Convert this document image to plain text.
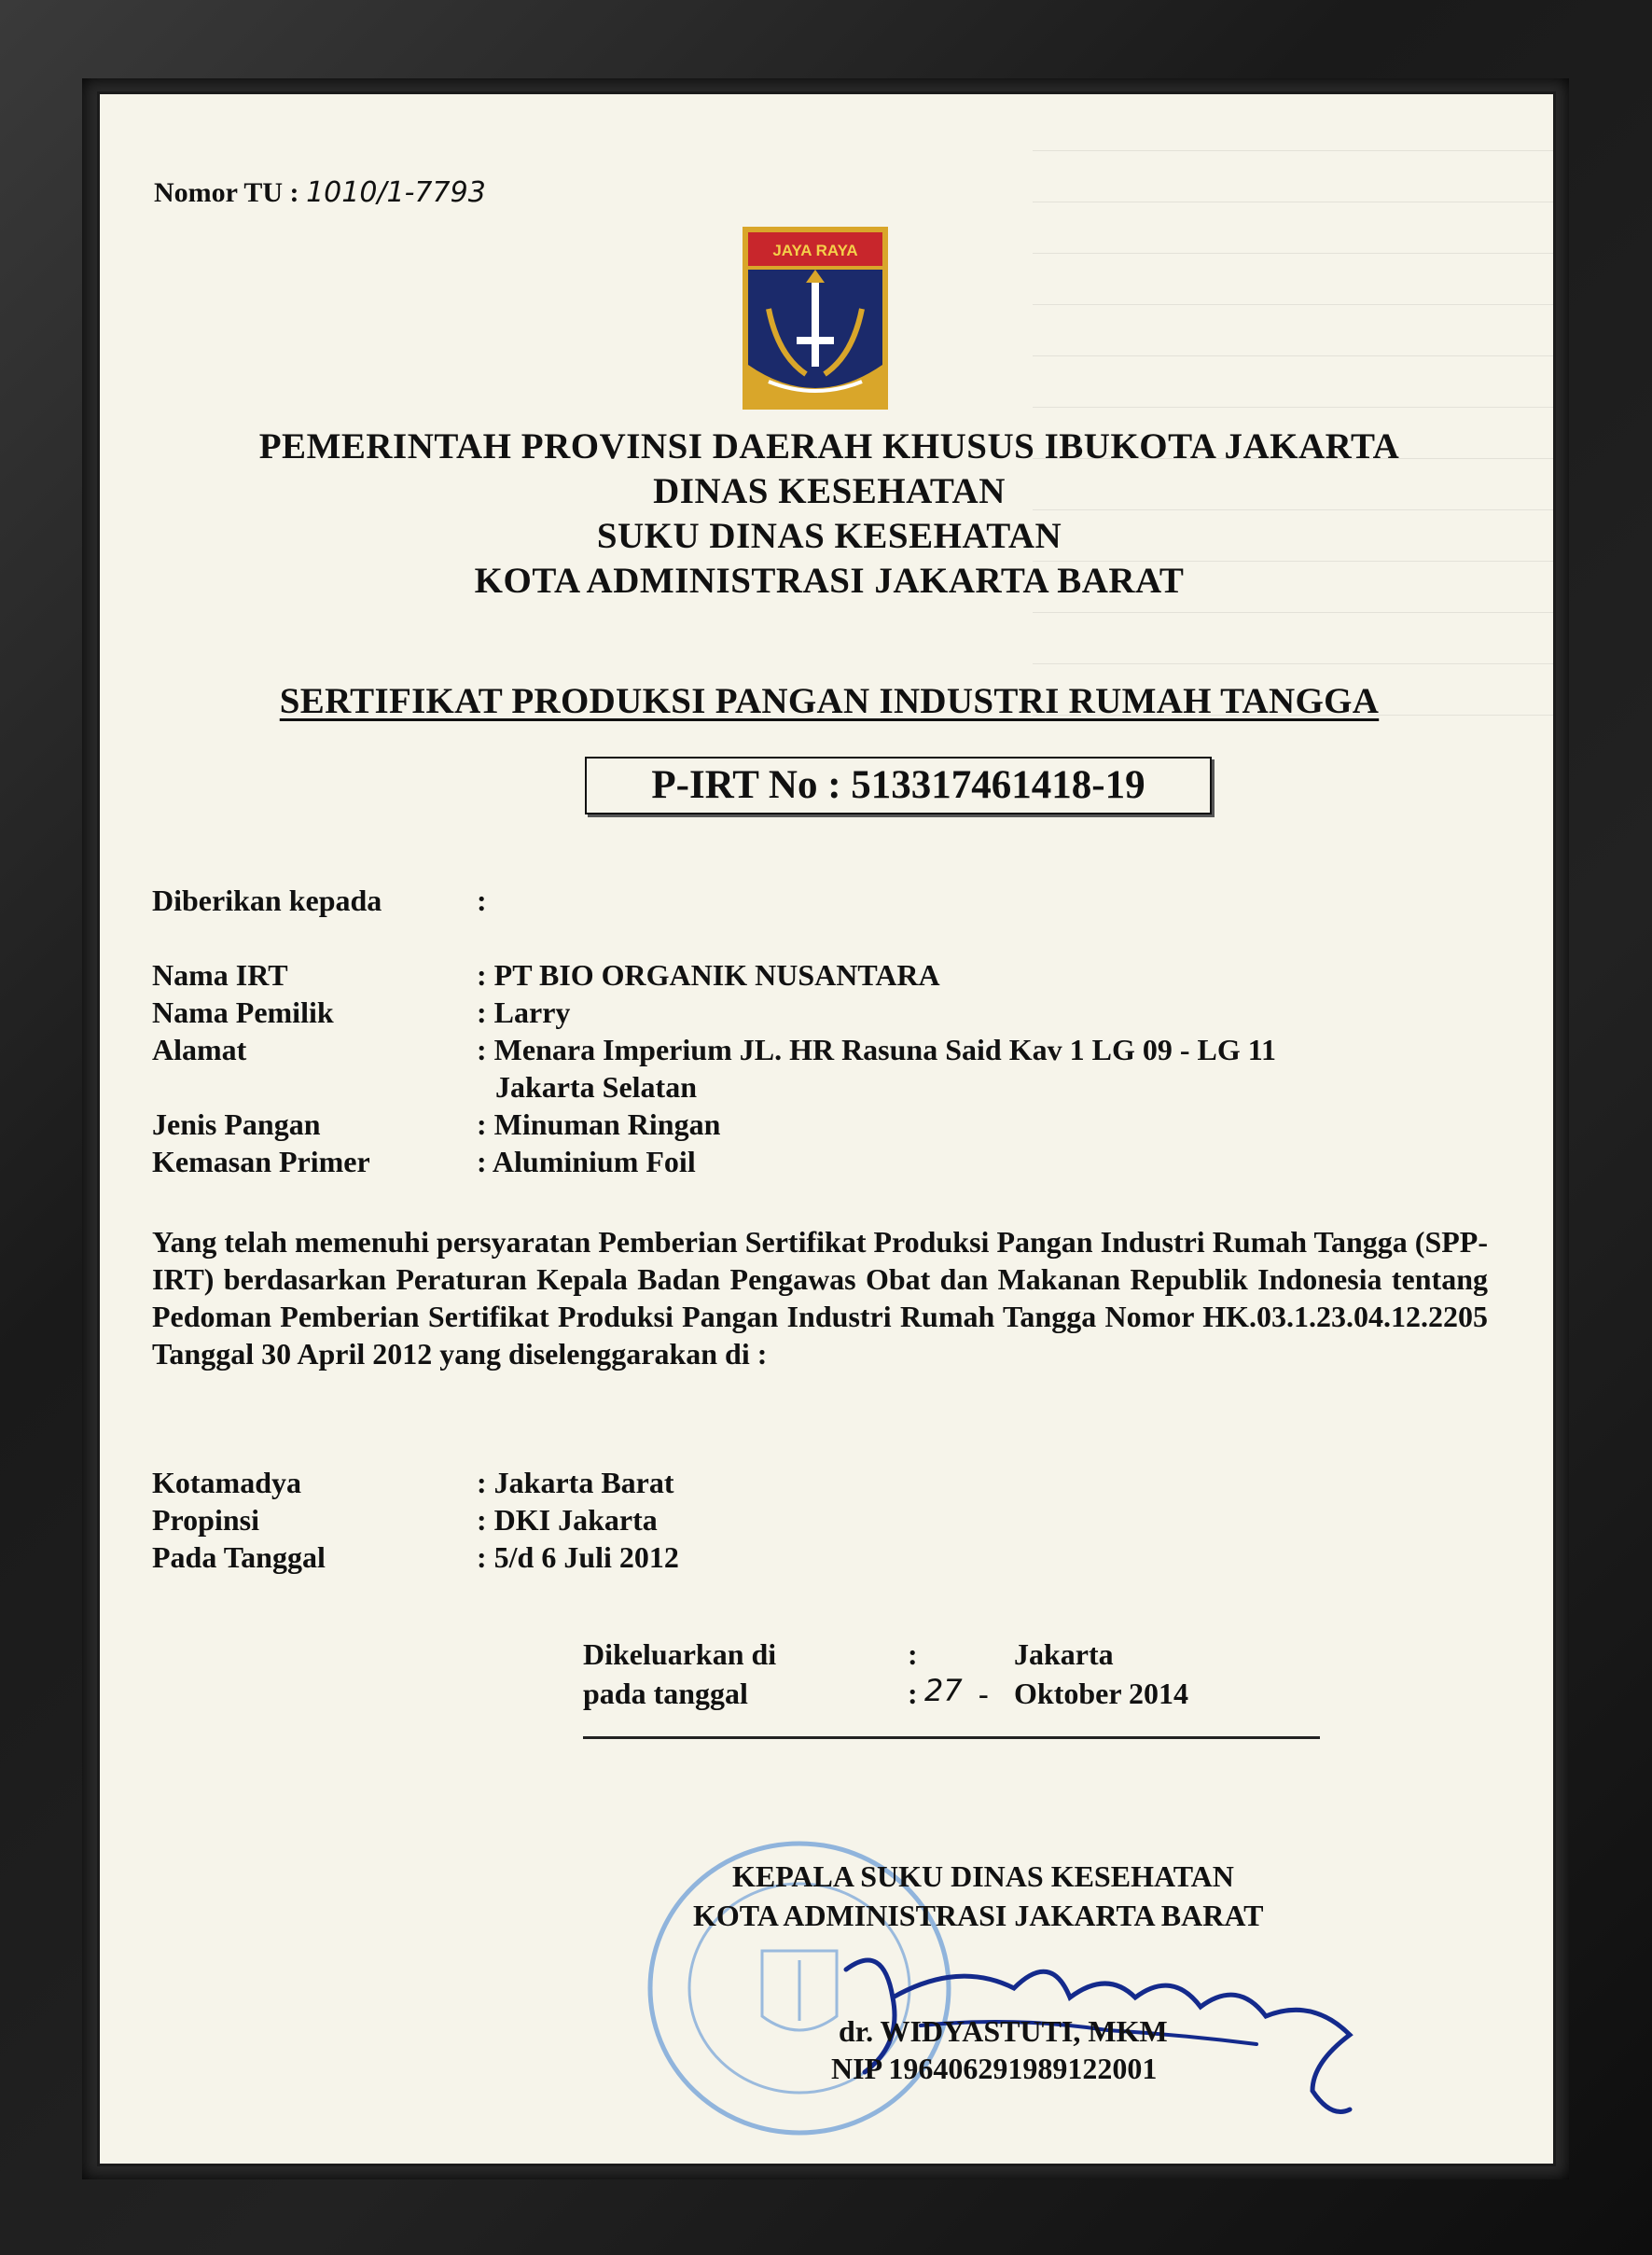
Nomor TU : 1010/1-7793
JAYA RAYA
PEMERINTAH PROVINSI DAERAH KHUSUS IBUKOTA JAKARTA
DINAS KESEHATAN
SUKU DINAS KESEHATAN
KOTA ADMINISTRASI JAKARTA BARAT
SERTIFIKAT PRODUKSI PANGAN INDUSTRI RUMAH TANGGA
P-IRT No : 513317461418-19
Diberikan kepada	:
Nama IRT	: PT BIO ORGANIK NUSANTARA
Nama Pemilik	: Larry
Alamat	: Menara Imperium JL. HR Rasuna Said Kav 1 LG 09 - LG 11
Jakarta Selatan
Jenis Pangan	: Minuman Ringan
Kemasan Primer	: Aluminium Foil
Yang telah memenuhi persyaratan Pemberian Sertifikat Produksi Pangan Industri Rumah Tangga (SPP-IRT) berdasarkan Peraturan Kepala Badan Pengawas Obat dan Makanan Republik Indonesia tentang Pedoman Pemberian Sertifikat Produksi Pangan Industri Rumah Tangga Nomor HK.03.1.23.04.12.2205 Tanggal 30 April 2012 yang diselenggarakan di :
Kotamadya	: Jakarta Barat
Propinsi	: DKI Jakarta
Pada Tanggal	: 5/d 6 Juli 2012
Dikeluarkan di	:	Jakarta
pada tanggal	: 27 - Oktober 2014
KEPALA SUKU DINAS KESEHATAN
KOTA ADMINISTRASI JAKARTA BARAT
dr. WIDYASTUTI, MKM
NIP 196406291989122001
